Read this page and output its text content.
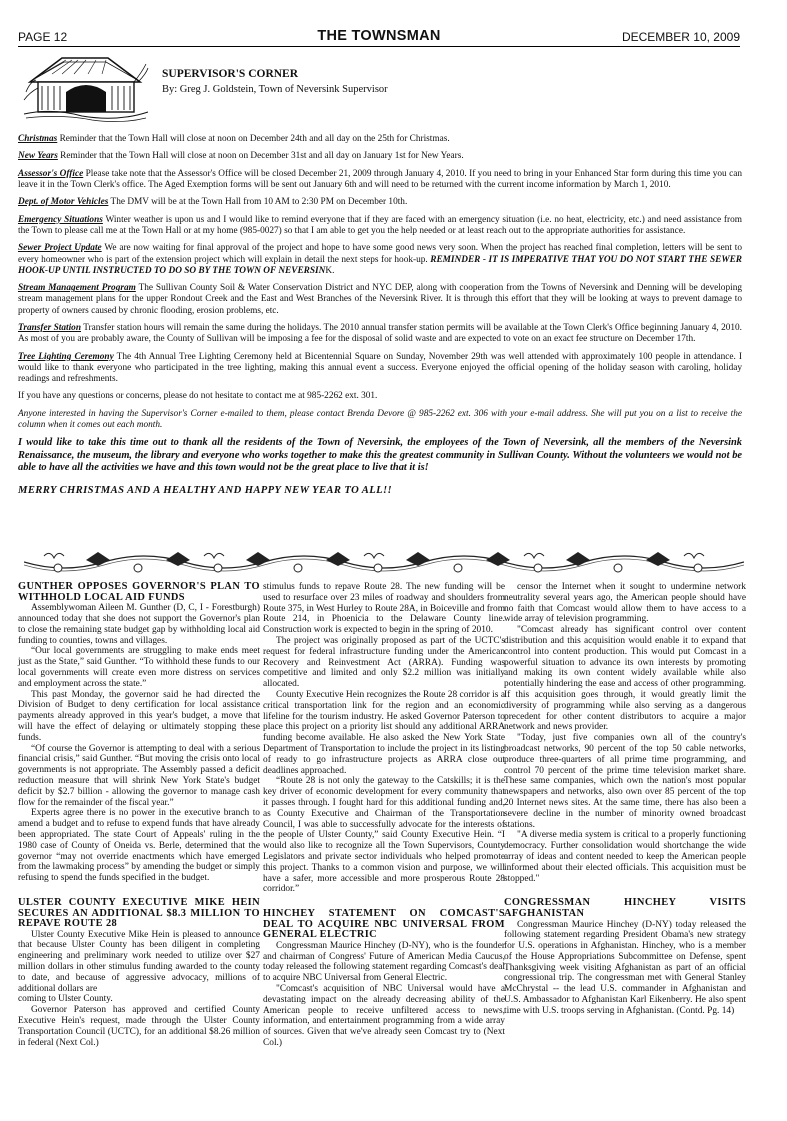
PAGE 12	THE TOWNSMAN	DECEMBER 10, 2009
SUPERVISOR'S CORNER
By: Greg J. Goldstein, Town of Neversink Supervisor

Christmas Reminder that the Town Hall will close at noon on December 24th and all day on the 25th for Christmas.

New Years Reminder that the Town Hall will close at noon on December 31st and all day on January 1st for New Years.

Assessor's Office Please take note that the Assessor's Office will be closed December 21, 2009 through January 4, 2010. If you need to bring in your Enhanced Star form during this time you can leave it in the Town Clerk's office. The Aged Exemption forms will be sent out January 6th and will need to be returned with the current income information by March 1, 2010.

Dept. of Motor Vehicles The DMV will be at the Town Hall from 10 AM to 2:30 PM on December 10th.

Emergency Situations Winter weather is upon us and I would like to remind everyone that if they are faced with an emergency situation (i.e. no heat, electricity, etc.) and need assistance from the Town to please call me at the Town Hall or at my home (985-0027) so that I am able to get you the help needed or at least reach out to the appropriate authorities for assistance.

Sewer Project Update We are now waiting for final approval of the project and hope to have some good news very soon. When the project has reached final completion, letters will be sent to every homeowner who is part of the extension project which will explain in detail the next steps for hook-up. REMINDER - IT IS IMPERATIVE THAT YOU DO NOT START THE SEWER HOOK-UP UNTIL INSTRUCTED TO DO SO BY THE TOWN OF NEVERSINK.

Stream Management Program The Sullivan County Soil & Water Conservation District and NYC DEP, along with cooperation from the Towns of Neversink and Denning will be developing stream management plans for the upper Rondout Creek and the East and West Branches of the Neversink River. It is through this effort that they will be looking at ways to prevent damage to property of owners caused by chronic flooding, erosion problems, etc.

Transfer Station Transfer station hours will remain the same during the holidays. The 2010 annual transfer station permits will be available at the Town Clerk's Office beginning January 4, 2010. As most of you are probably aware, the County of Sullivan will be imposing a fee for the disposal of solid waste and are expected to vote on an exact fee structure on December 17th.

Tree Lighting Ceremony The 4th Annual Tree Lighting Ceremony held at Bicentennial Square on Sunday, November 29th was well attended with approximately 100 people in attendance. I would like to thank everyone who participated in the tree lighting, making this annual event a success. Everyone enjoyed the official opening of the holiday season with caroling, holiday readings and refreshments.

If you have any questions or concerns, please do not hesitate to contact me at 985-2262 ext. 301.

Anyone interested in having the Supervisor's Corner e-mailed to them, please contact Brenda Devore @ 985-2262 ext. 306 with your e-mail address. She will put you on a list to receive the column when it comes out each month.

I would like to take this time out to thank all the residents of the Town of Neversink, the employees of the Town of Neversink, all the members of the Neversink Renaissance, the museum, the library and everyone who works together to make this the greatest community in Sullivan County. Without the volunteers we would not be able to have all the activities we have and this town would not be the great place to live that it is!

MERRY CHRISTMAS AND A HEALTHY AND HAPPY NEW YEAR TO ALL!!

GUNTHER OPPOSES GOVERNOR'S PLAN TO WITHHOLD LOCAL AID FUNDS

Assemblywoman Aileen M. Gunther (D, C, I - Forestburgh) announced today that she does not support the Governor's plan to close the remaining state budget gap by withholding local aid funding to counties, towns and villages.

“Our local governments are struggling to make ends meet just as the State,” said Gunther. “To withhold these funds to our local governments will create even more distress on services and employment across the state.”

This past Monday, the governor said he had directed the Division of Budget to deny certification for local assistance payments already approved in this year's budget, a move that will have the effect of delaying or ultimately stopping these funds.

“Of course the Governor is attempting to deal with a serious financial crisis,” said Gunther. “But moving the crisis onto local governments is not appropriate. The Assembly passed a deficit reduction measure that will shrink New York State's budget deficit by $2.7 billion - allowing the governor to manage cash flow for the remainder of the fiscal year.”

Experts agree there is no power in the executive branch to amend a budget and to refuse to expend funds that have already been appropriated. The state Court of Appeals' ruling in the 1980 case of County of Oneida vs. Berle, determined that the governor “may not override enactments which have emerged from the lawmaking process” by amending the budget or simply refusing to spend the funds specified in the budget.

ULSTER COUNTY EXECUTIVE MIKE HEIN SECURES AN ADDITIONAL $8.3 MILLION TO REPAVE ROUTE 28

Ulster County Executive Mike Hein is pleased to announce that because Ulster County has been diligent in completing engineering and preliminary work needed to utilize over $27 million dollars in other stimulus funding awarded to the county to date, and because of aggressive advocacy, millions of additional dollars are

coming to Ulster County.

Governor Paterson has approved and certified County Executive Hein's request, made through the Ulster County Transportation Council (UCTC), for an additional $8.26 million in federal (Next Col.)

stimulus funds to repave Route 28. The new funding will be used to resurface over 23 miles of roadway and shoulders from Route 375, in West Hurley to Route 28A, in Boiceville and from Route 214, in Phoenicia to the Delaware County line. Construction work is expected to begin in the spring of 2010.

The project was originally proposed as part of the UCTC's request for federal infrastructure funding under the American Recovery and Reinvestment Act (ARRA). Funding was competitive and limited and only $2.2 million was initially allocated.

County Executive Hein recognizes the Route 28 corridor is a critical transportation link for the region and an economic lifeline for the tourism industry. He asked Governor Paterson to place this project on a priority list should any additional ARRA funding become available. He also asked the New York State Department of Transportation to include the project in its listing of ready to go infrastructure projects as ARRA close out deadlines approached.

“Route 28 is not only the gateway to the Catskills; it is the key driver of economic development for every community that it passes through. I fought hard for this additional funding and, as County Executive and Chairman of the Transportation Council, I was able to successfully advocate for the interests of the people of Ulster County,” said County Executive Hein. “I would also like to recognize all the Town Supervisors, County Legislators and private sector individuals who helped promote this project. Thanks to a common vision and purpose, we will have a safer, more accessible and more prosperous Route 28 corridor.”

HINCHEY STATEMENT ON COMCAST'S DEAL TO ACQUIRE NBC UNIVERSAL FROM GENERAL ELECTRIC

Congressman Maurice Hinchey (D-NY), who is the founder and chairman of Congress' Future of American Media Caucus, today released the following statement regarding Comcast's deal to acquire NBC Universal from General Electric.

"Comcast's acquisition of NBC Universal would have a devastating impact on the already decreasing ability of the American people to receive unfiltered access to news, information, and entertainment programming from a wide array of sources. Given that we've already seen Comcast try to (Next Col.)

censor the Internet when it sought to undermine network neutrality several years ago, the American people should have no faith that Comcast would allow them to have access to a wide array of television programming.

"Comcast already has significant control over content distribution and this acquisition would enable it to expand that control into content production. This would put Comcast in a powerful situation to advance its own interests by promoting and making its own content widely available while also potentially hindering the ease and access of other programming. If this acquisition goes through, it would greatly limit the diversity of programming while also serving as a dangerous precedent for other content distributors to acquire a major network and news provider.

"Today, just five companies own all of the country's broadcast networks, 90 percent of the top 50 cable networks, produce three-quarters of all prime time programming, and control 70 percent of the prime time television market share. These same companies, which own the nation's most popular newspapers and networks, also own over 85 percent of the top 20 Internet news sites. At the same time, there has also been a severe decline in the number of minority owned broadcast stations.

"A diverse media system is critical to a properly functioning democracy. Further consolidation would shortchange the wide array of ideas and content needed to keep the American people informed about their elected officials. This acquisition must be stopped."

CONGRESSMAN HINCHEY VISITS AFGHANISTAN

Congressman Maurice Hinchey (D-NY) today released the following statement regarding President Obama's new strategy for U.S. operations in Afghanistan. Hinchey, who is a member of the House Appropriations Subcommittee on Defense, spent Thanksgiving week visiting Afghanistan as part of an official congressional trip. The congressman met with General Stanley McChrystal -- the lead U.S. commander in Afghanistan and U.S. Ambassador to Afghanistan Karl Eikenberry. He also spent time with U.S. troops serving in Afghanistan. (Contd. Pg. 14)
